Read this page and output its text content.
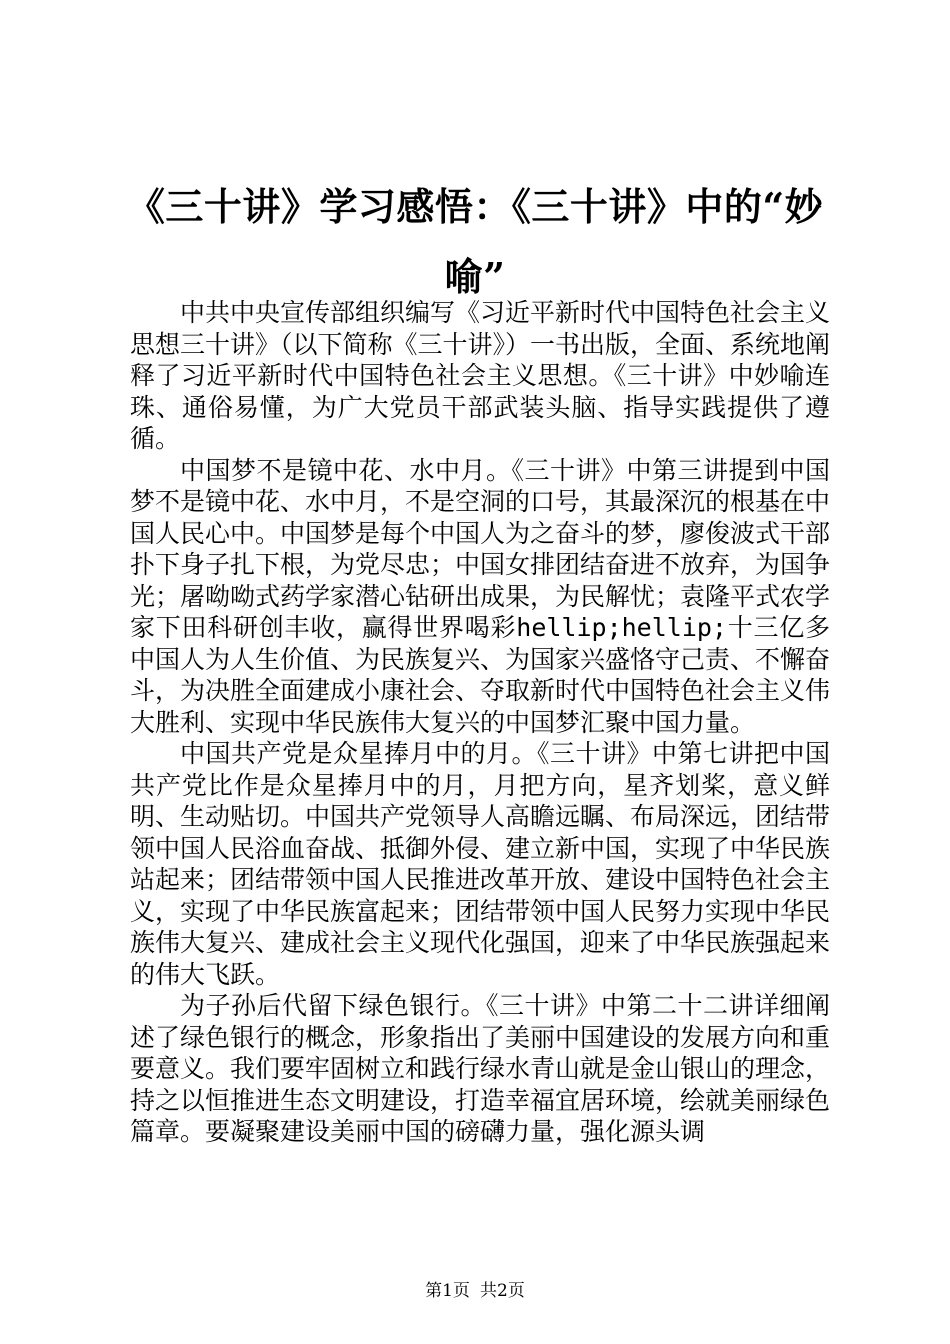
《三十讲》学习感悟：《三十讲》中的“妙喻”

中共中央宣传部组织编写《习近平新时代中国特色社会主义思想三十讲》（以下简称《三十讲》）一书出版，全面、系统地阐释了习近平新时代中国特色社会主义思想。《三十讲》中妙喻连珠、通俗易懂，为广大党员干部武装头脑、指导实践提供了遵循。

中国梦不是镜中花、水中月。《三十讲》中第三讲提到中国梦不是镜中花、水中月，不是空洞的口号，其最深沉的根基在中国人民心中。中国梦是每个中国人为之奋斗的梦，廖俊波式干部扑下身子扎下根，为党尽忠；中国女排团结奋进不放弃，为国争光；屠呦呦式药学家潜心钻研出成果，为民解忧；袁隆平式农学家下田科研创丰收，赢得世界喝彩hellip;hellip;十三亿多中国人为人生价值、为民族复兴、为国家兴盛恪守己责、不懈奋斗，为决胜全面建成小康社会、夺取新时代中国特色社会主义伟大胜利、实现中华民族伟大复兴的中国梦汇聚中国力量。

中国共产党是众星捧月中的月。《三十讲》中第七讲把中国共产党比作是众星捧月中的月，月把方向，星齐划桨，意义鲜明、生动贴切。中国共产党领导人高瞻远瞩、布局深远，团结带领中国人民浴血奋战、抵御外侵、建立新中国，实现了中华民族站起来；团结带领中国人民推进改革开放、建设中国特色社会主义，实现了中华民族富起来；团结带领中国人民努力实现中华民族伟大复兴、建成社会主义现代化强国，迎来了中华民族强起来的伟大飞跃。

为子孙后代留下绿色银行。《三十讲》中第二十二讲详细阐述了绿色银行的概念，形象指出了美丽中国建设的发展方向和重要意义。我们要牢固树立和践行绿水青山就是金山银山的理念，持之以恒推进生态文明建设，打造幸福宜居环境，绘就美丽绿色篇章。要凝聚建设美丽中国的磅礴力量，强化源头调

第1页 共2页
